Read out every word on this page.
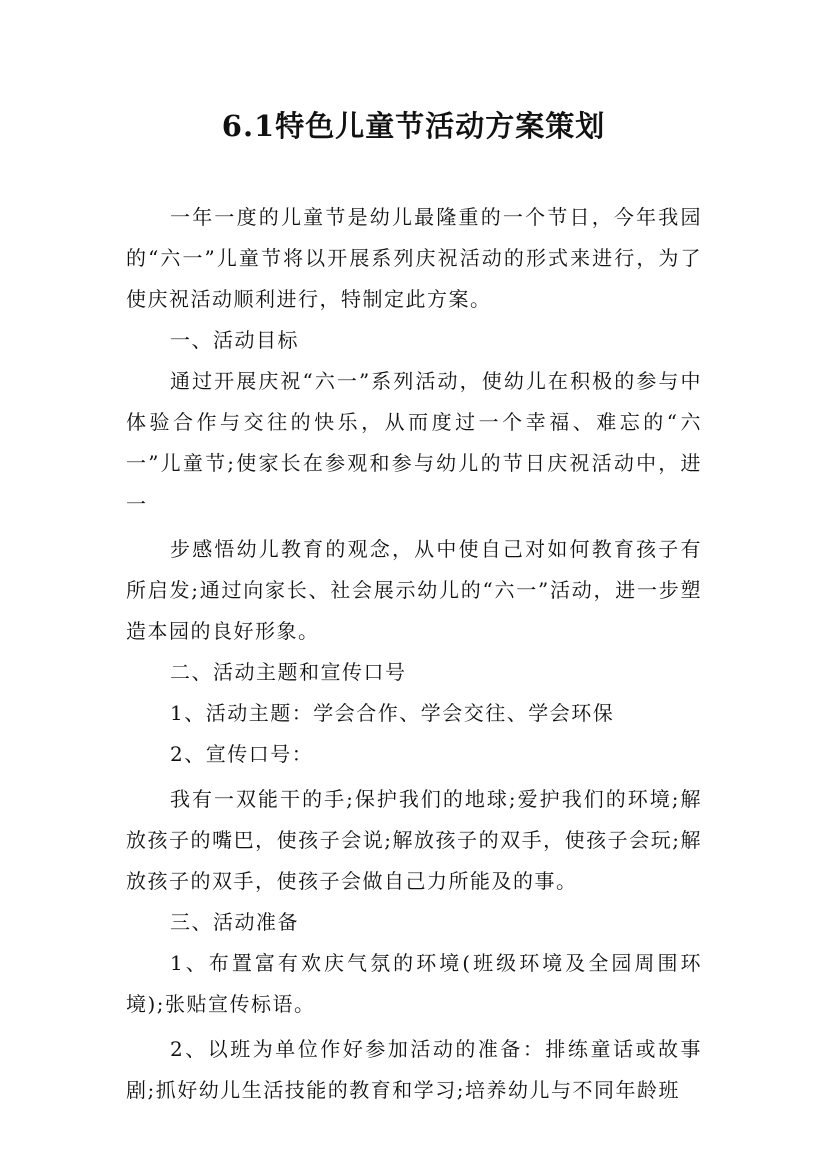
6.1特色儿童节活动方案策划

一年一度的儿童节是幼儿最隆重的一个节日，今年我园的“六一”儿童节将以开展系列庆祝活动的形式来进行，为了使庆祝活动顺利进行，特制定此方案。

一、活动目标

通过开展庆祝“六一”系列活动，使幼儿在积极的参与中体验合作与交往的快乐，从而度过一个幸福、难忘的“六一”儿童节;使家长在参观和参与幼儿的节日庆祝活动中，进一

步感悟幼儿教育的观念，从中使自己对如何教育孩子有所启发;通过向家长、社会展示幼儿的“六一”活动，进一步塑造本园的良好形象。

二、活动主题和宣传口号

1、活动主题：学会合作、学会交往、学会环保

2、宣传口号：

我有一双能干的手;保护我们的地球;爱护我们的环境;解放孩子的嘴巴，使孩子会说;解放孩子的双手，使孩子会玩;解放孩子的双手，使孩子会做自己力所能及的事。

三、活动准备

1、布置富有欢庆气氛的环境(班级环境及全园周围环境);张贴宣传标语。

2、以班为单位作好参加活动的准备：排练童话或故事剧;抓好幼儿生活技能的教育和学习;培养幼儿与不同年龄班
